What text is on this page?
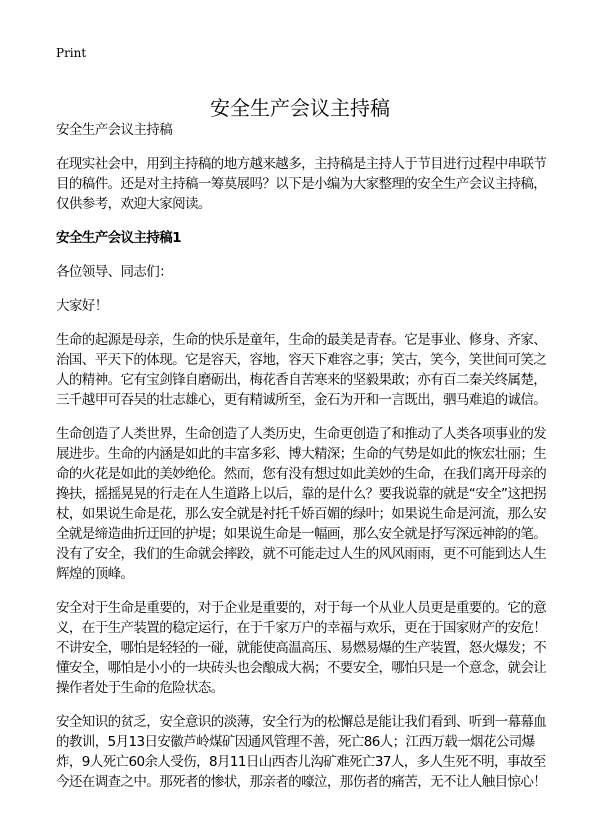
Print
安全生产会议主持稿

安全生产会议主持稿

在现实社会中，用到主持稿的地方越来越多，主持稿是主持人于节目进行过程中串联节目的稿件。还是对主持稿一筹莫展吗？以下是小编为大家整理的安全生产会议主持稿，仅供参考，欢迎大家阅读。

安全生产会议主持稿1

各位领导、同志们：

大家好！

生命的起源是母亲，生命的快乐是童年，生命的最美是青春。它是事业、修身、齐家、治国、平天下的体现。它是容天，容地，容天下难容之事；笑古，笑今，笑世间可笑之人的精神。它有宝剑锋自磨砺出，梅花香自苦寒来的坚毅果敢；亦有百二秦关终属楚，三千越甲可吞吴的壮志雄心，更有精诚所至，金石为开和一言既出，驷马难追的诚信。

生命创造了人类世界，生命创造了人类历史，生命更创造了和推动了人类各项事业的发展进步。生命的内涵是如此的丰富多彩、博大精深；生命的气势是如此的恢宏壮丽；生命的火花是如此的美妙绝伦。然而，您有没有想过如此美妙的生命，在我们离开母亲的搀扶，摇摇晃晃的行走在人生道路上以后，靠的是什么？要我说靠的就是“安全”这把拐杖，如果说生命是花，那么安全就是衬托千娇百媚的绿叶；如果说生命是河流，那么安全就是缔造曲折迂回的护堤；如果说生命是一幅画，那么安全就是抒写深远神韵的笔。没有了安全，我们的生命就会摔跤，就不可能走过人生的风风雨雨，更不可能到达人生辉煌的顶峰。

安全对于生命是重要的，对于企业是重要的，对于每一个从业人员更是重要的。它的意义，在于生产装置的稳定运行，在于千家万户的幸福与欢乐，更在于国家财产的安危！不讲安全，哪怕是轻轻的一碰，就能使高温高压、易燃易爆的生产装置，怒火爆发；不懂安全，哪怕是小小的一块砖头也会酿成大祸；不要安全，哪怕只是一个意念，就会让操作者处于生命的危险状态。

安全知识的贫乏，安全意识的淡薄，安全行为的松懈总是能让我们看到、听到一幕幕血的教训，5月13日安徽芦岭煤矿因通风管理不善，死亡86人；江西万载一烟花公司爆炸，9人死亡60余人受伤，8月11日山西杏儿沟矿难死亡37人，多人生死不明，事故至今还在调查之中。那死者的惨状，那亲者的嚎泣，那伤者的痛苦，无不让人触目惊心！
